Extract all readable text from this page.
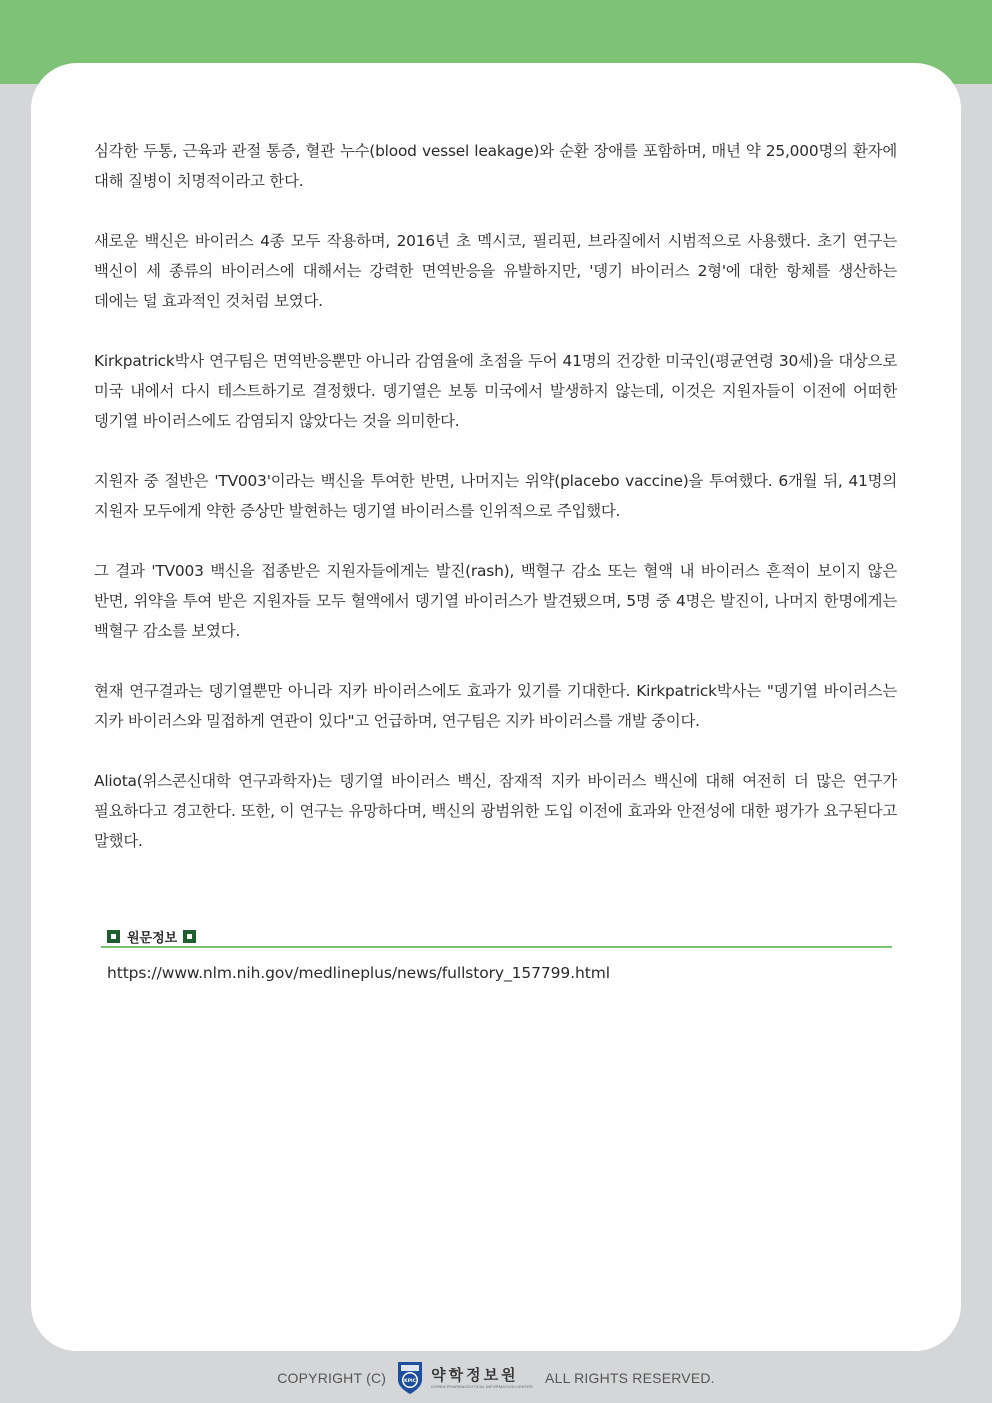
심각한 두통, 근육과 관절 통증, 혈관 누수(blood vessel leakage)와 순환 장애를 포함하며, 매년 약 25,000명의 환자에 대해 질병이 치명적이라고 한다.

새로운 백신은 바이러스 4종 모두 작용하며, 2016년 초 멕시코, 필리핀, 브라질에서 시범적으로 사용했다. 초기 연구는 백신이 세 종류의 바이러스에 대해서는 강력한 면역반응을 유발하지만, '뎅기 바이러스 2형'에 대한 항체를 생산하는 데에는 덜 효과적인 것처럼 보였다.

Kirkpatrick박사 연구팀은 면역반응뿐만 아니라 감염율에 초점을 두어 41명의 건강한 미국인(평균연령 30세)을 대상으로 미국 내에서 다시 테스트하기로 결정했다. 뎅기열은 보통 미국에서 발생하지 않는데, 이것은 지원자들이 이전에 어떠한 뎅기열 바이러스에도 감염되지 않았다는 것을 의미한다.

지원자 중 절반은 'TV003'이라는 백신을 투여한 반면, 나머지는 위약(placebo vaccine)을 투여했다. 6개월 뒤, 41명의 지원자 모두에게 약한 증상만 발현하는 뎅기열 바이러스를 인위적으로 주입했다.

그 결과 'TV003 백신을 접종받은 지원자들에게는 발진(rash), 백혈구 감소 또는 혈액 내 바이러스 흔적이 보이지 않은 반면, 위약을 투여 받은 지원자들 모두 혈액에서 뎅기열 바이러스가 발견됐으며, 5명 중 4명은 발진이, 나머지 한명에게는 백혈구 감소를 보였다.

현재 연구결과는 뎅기열뿐만 아니라 지카 바이러스에도 효과가 있기를 기대한다. Kirkpatrick박사는 "뎅기열 바이러스는 지카 바이러스와 밀접하게 연관이 있다"고 언급하며, 연구팀은 지카 바이러스를 개발 중이다.

Aliota(위스콘신대학 연구과학자)는 뎅기열 바이러스 백신, 잠재적 지카 바이러스 백신에 대해 여전히 더 많은 연구가 필요하다고 경고한다. 또한, 이 연구는 유망하다며, 백신의 광범위한 도입 이전에 효과와 안전성에 대한 평가가 요구된다고 말했다.

원문정보
https://www.nlm.nih.gov/medlineplus/news/fullstory_157799.html
COPYRIGHT (C)	KPIC 약학정보원
KOREA PHARMACEUTICAL INFORMATION CENTER ALL RIGHTS RESERVED.
